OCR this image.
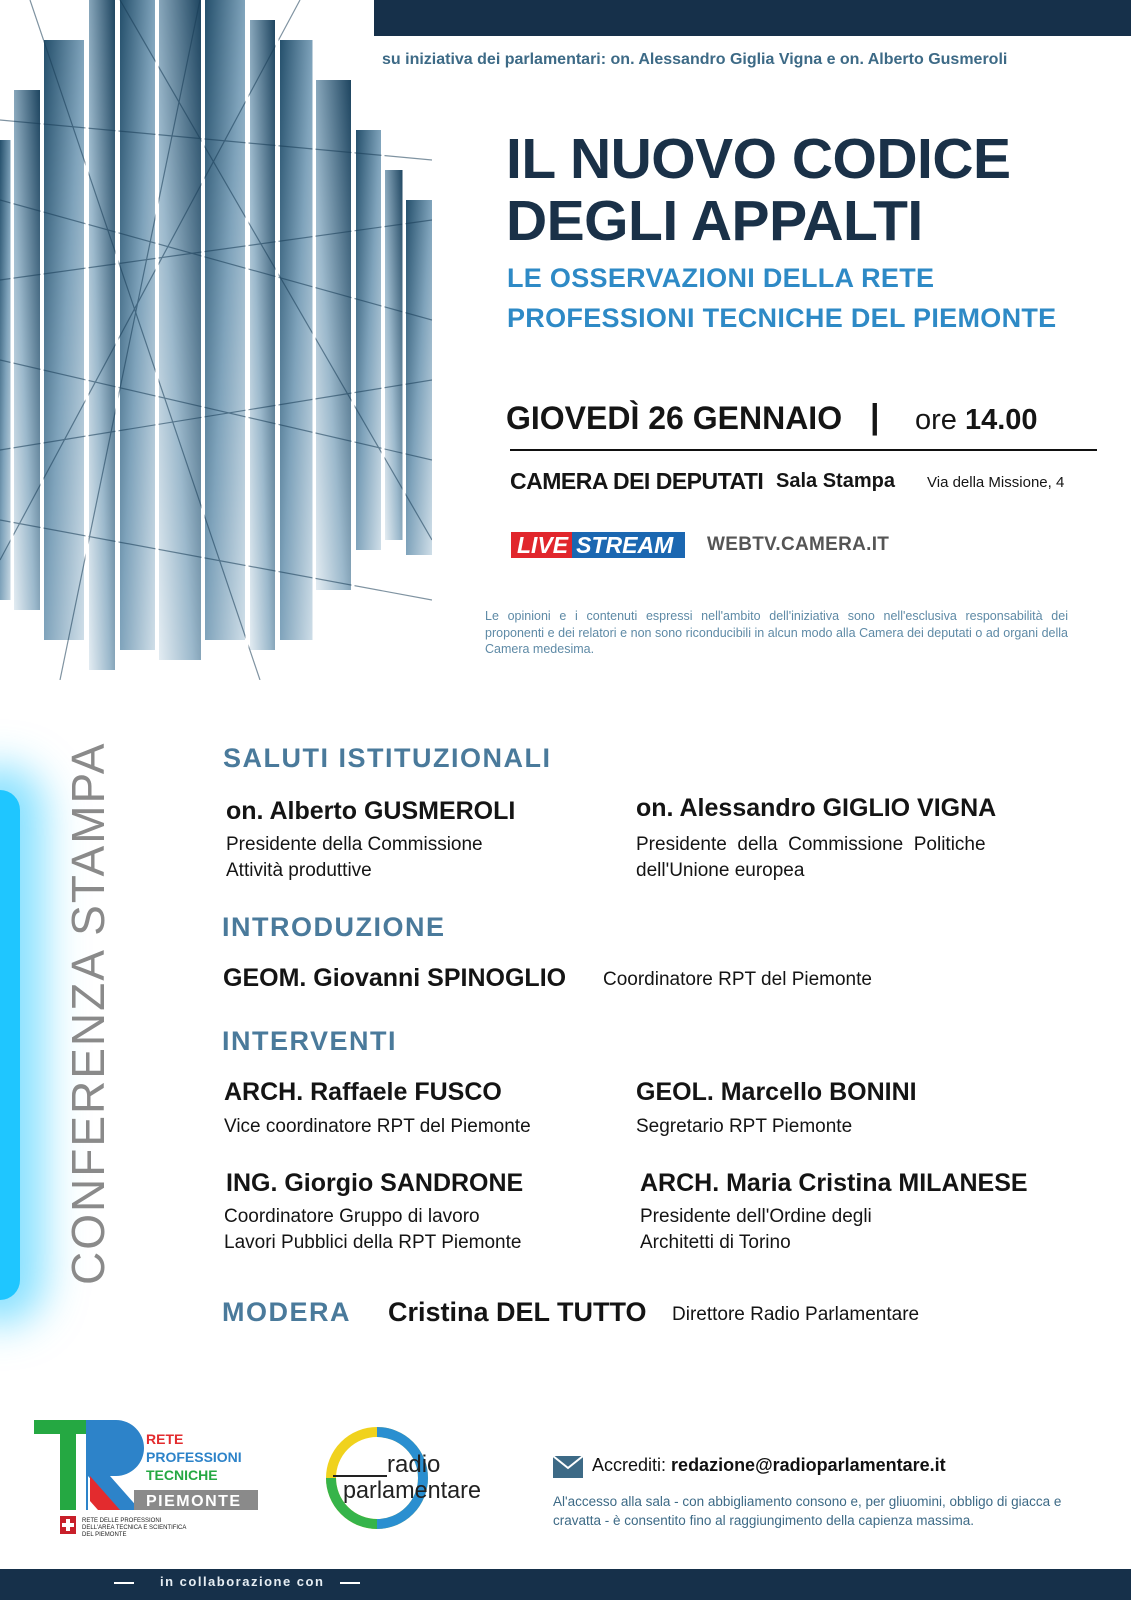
su iniziativa dei parlamentari: on. Alessandro Giglia Vigna e on. Alberto Gusmeroli
IL NUOVO CODICE
DEGLI APPALTI
LE OSSERVAZIONI DELLA RETE
PROFESSIONI TECNICHE DEL PIEMONTE
GIOVEDÌ 26 GENNAIO | ore 14.00
CAMERA DEI DEPUTATI Sala Stampa Via della Missione, 4
LIVE STREAM	WEBTV.CAMERA.IT
Le opinioni e i contenuti espressi nell'ambito dell'iniziativa sono nell'esclusiva responsabilità dei proponenti e dei relatori e non sono riconducibili in alcun modo alla Camera dei deputati o ad organi della Camera medesima.
CONFERENZA STAMPA	SALUTI ISTITUZIONALI
on. Alberto GUSMEROLI
Presidente della Commissione
Attività produttive
on. Alessandro GIGLIO VIGNA
Presidente  della  Commissione  Politiche
dell'Unione europea
INTRODUZIONE
GEOM. Giovanni SPINOGLIO Coordinatore RPT del Piemonte
INTERVENTI
ARCH. Raffaele FUSCO
Vice coordinatore RPT del Piemonte
GEOL. Marcello BONINI
Segretario RPT Piemonte
ING. Giorgio SANDRONE
Coordinatore Gruppo di lavoro
Lavori Pubblici della RPT Piemonte
ARCH. Maria Cristina MILANESE
Presidente dell'Ordine degli
Architetti di Torino
MODERA Cristina DEL TUTTO Direttore Radio Parlamentare
RETE
PROFESSIONI
TECNICHE
PIEMONTE
RETE DELLE PROFESSIONI
DELL'AREA TECNICA E SCIENTIFICA
DEL PIEMONTE
radio
parlamentare
Accrediti: redazione@radioparlamentare.it
Al'accesso alla sala - con abbigliamento consono e, per gliuomini, obbligo di giacca e cravatta - è consentito fino al raggiungimento della capienza massima.
in collaborazione con
